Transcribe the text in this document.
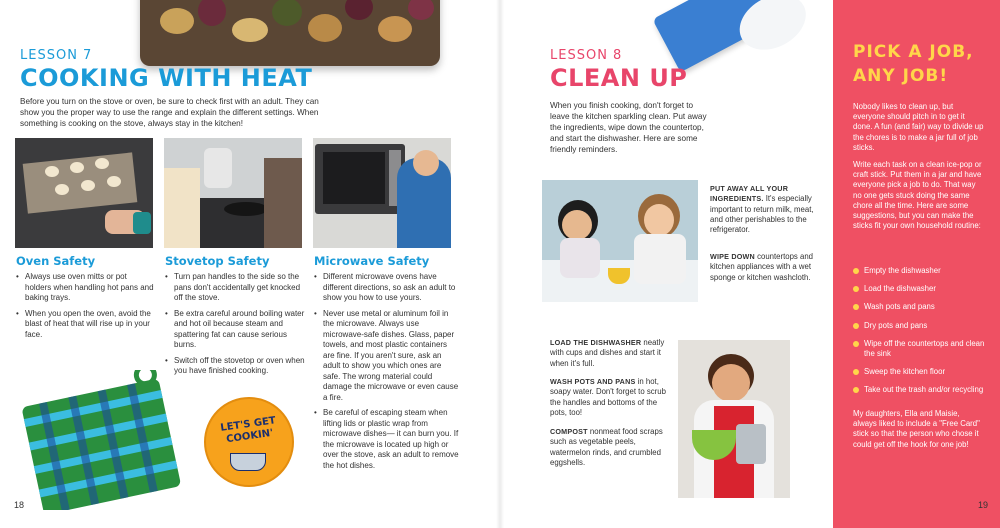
LESSON 7
COOKING WITH HEAT
Before you turn on the stove or oven, be sure to check first with an adult. They can show you the proper way to use the range and explain the different settings. When something is cooking on the stove, always stay in the kitchen!
Oven Safety	Stovetop Safety	Microwave Safety
• Always use oven mitts or pot holders when handling hot pans and baking trays.
• When you open the oven, avoid the blast of heat that will rise up in your face.
• Turn pan handles to the side so the pans don't accidentally get knocked off the stove.
• Be extra careful around boiling water and hot oil because steam and spattering fat can cause serious burns.
• Switch off the stovetop or oven when you have finished cooking.
• Different microwave ovens have different directions, so ask an adult to show you how to use yours.
• Never use metal or aluminum foil in the microwave. Always use microwave-safe dishes. Glass, paper towels, and most plastic containers are fine. If you aren't sure, ask an adult to show you which ones are safe. The wrong material could damage the microwave or even cause a fire.
• Be careful of escaping steam when lifting lids or plastic wrap from microwave dishes— it can burn you. If the microwave is located up high or over the stove, ask an adult to remove the hot dishes.
LET'S GET COOKIN'
18
LESSON 8
CLEAN UP
When you finish cooking, don't forget to leave the kitchen sparkling clean. Put away the ingredients, wipe down the countertop, and start the dishwasher. Here are some friendly reminders.
PUT AWAY ALL YOUR INGREDIENTS. It's especially important to return milk, meat, and other perishables to the refrigerator.
WIPE DOWN countertops and kitchen appliances with a wet sponge or kitchen washcloth.
LOAD THE DISHWASHER neatly with cups and dishes and start it when it's full.
WASH POTS AND PANS in hot, soapy water. Don't forget to scrub the handles and bottoms of the pots, too!
COMPOST nonmeat food scraps such as vegetable peels, watermelon rinds, and crumbled eggshells.
PICK A JOB,
ANY JOB!
Nobody likes to clean up, but everyone should pitch in to get it done. A fun (and fair) way to divide up the chores is to make a jar full of job sticks.
Write each task on a clean ice-pop or craft stick. Put them in a jar and have everyone pick a job to do. That way no one gets stuck doing the same chore all the time. Here are some suggestions, but you can make the sticks fit your own household routine:
Empty the dishwasher
Load the dishwasher
Wash pots and pans
Dry pots and pans
Wipe off the countertops and clean the sink
Sweep the kitchen floor
Take out the trash and/or recycling
My daughters, Ella and Maisie, always liked to include a "Free Card" stick so that the person who chose it could get off the hook for one job!
19
